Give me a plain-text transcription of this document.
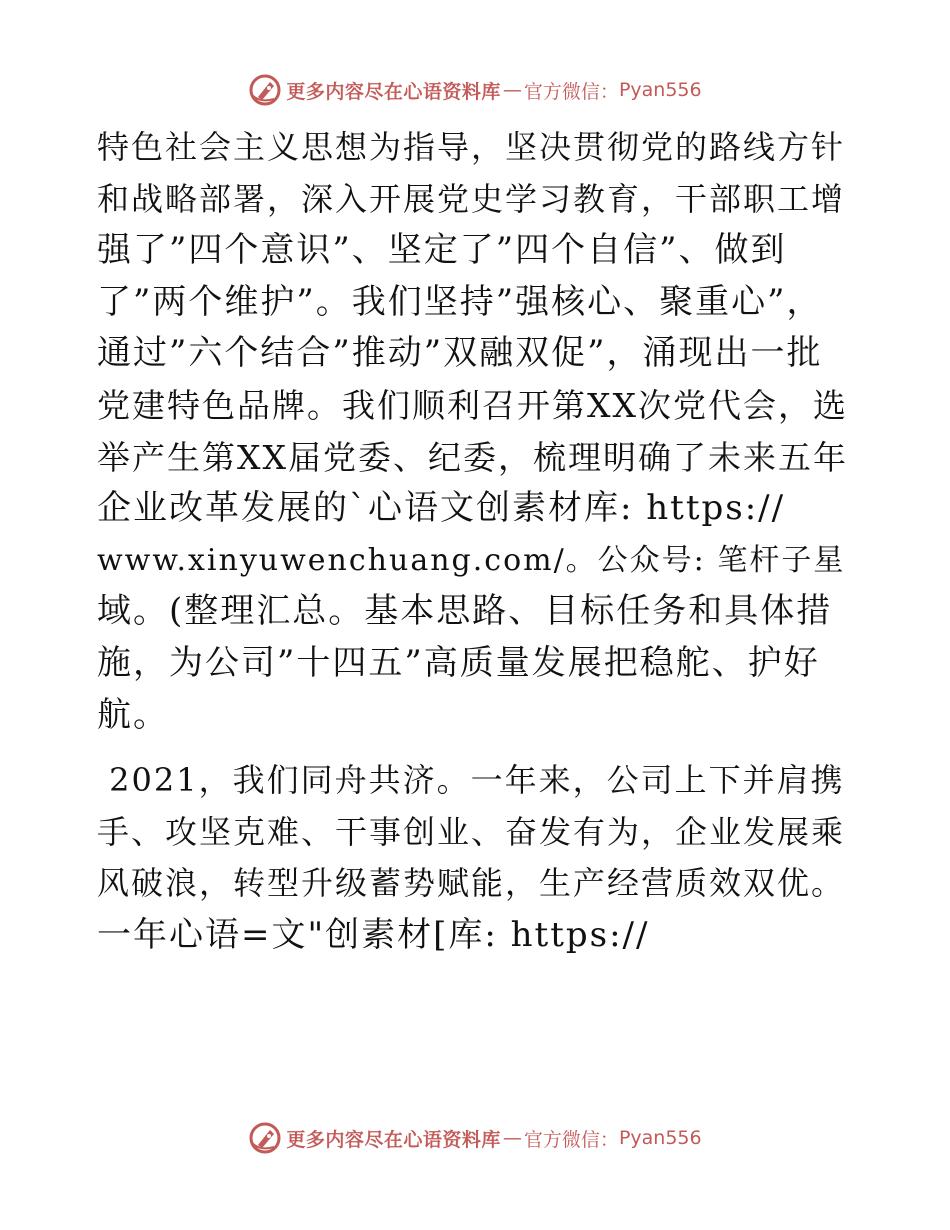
更多内容尽在心语资料库 — 官方微信： Pyan556
特色社会主义思想为指导，坚决贯彻党的路线方针
和战略部署，深入开展党史学习教育，干部职工增
强了”四个意识”、坚定了”四个自信”、做到
了”两个维护”。我们坚持”强核心、聚重心”，
通过”六个结合”推动”双融双促”，涌现出一批
党建特色品牌。我们顺利召开第XX次党代会，选
举产生第XX届党委、纪委，梳理明确了未来五年
企业改革发展的`心语文创素材库: https://
www.xinyuwenchuang.com/。公众号: 笔杆子星
域。(整理汇总。基本思路、目标任务和具体措
施，为公司”十四五”高质量发展把稳舵、护好
航。
2021，我们同舟共济。一年来，公司上下并肩携
手、攻坚克难、干事创业、奋发有为，企业发展乘
风破浪，转型升级蓄势赋能，生产经营质效双优。
一年心语=文"创素材[库: https://
更多内容尽在心语资料库 — 官方微信： Pyan556
